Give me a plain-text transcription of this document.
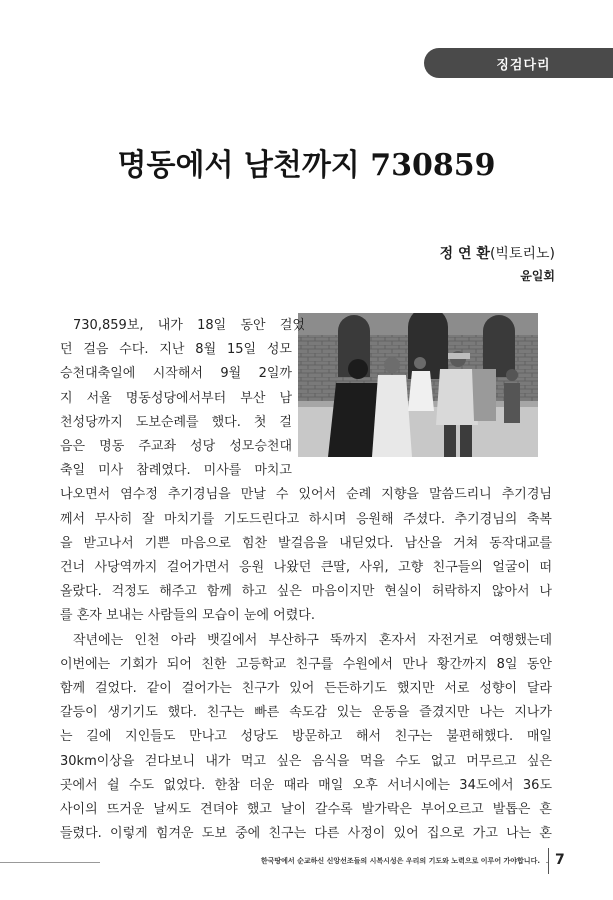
징검다리
명동에서 남천까지 730859
정 연 환(빅토리노)
윤일회
730,859보, 내가 18일 동안 걸었
던 걸음 수다. 지난 8월 15일 성모
승천대축일에 시작해서 9월 2일까
지 서울 명동성당에서부터 부산 남
천성당까지 도보순례를 했다. 첫 걸
음은 명동 주교좌 성당 성모승천대
축일 미사 참례였다. 미사를 마치고
나오면서 염수정 추기경님을 만날 수 있어서 순례 지향을 말씀드리니 추기경님
께서 무사히 잘 마치기를 기도드린다고 하시며 응원해 주셨다. 추기경님의 축복
을 받고나서 기쁜 마음으로 힘찬 발걸음을 내딛었다. 남산을 거쳐 동작대교를
건너 사당역까지 걸어가면서 응원 나왔던 큰딸, 사위, 고향 친구들의 얼굴이 떠
올랐다. 걱정도 해주고 함께 하고 싶은 마음이지만 현실이 허락하지 않아서 나
를 혼자 보내는 사람들의 모습이 눈에 어렸다.
작년에는 인천 아라 뱃길에서 부산하구 뚝까지 혼자서 자전거로 여행했는데
이번에는 기회가 되어 친한 고등학교 친구를 수원에서 만나 황간까지 8일 동안
함께 걸었다. 같이 걸어가는 친구가 있어 든든하기도 했지만 서로 성향이 달라
갈등이 생기기도 했다. 친구는 빠른 속도감 있는 운동을 즐겼지만 나는 지나가
는 길에 지인들도 만나고 성당도 방문하고 해서 친구는 불편해했다. 매일
30km이상을 걷다보니 내가 먹고 싶은 음식을 먹을 수도 없고 머무르고 싶은
곳에서 쉴 수도 없었다. 한참 더운 때라 매일 오후 서너시에는 34도에서 36도
사이의 뜨거운 날씨도 견뎌야 했고 날이 갈수록 발가락은 부어오르고 발톱은 흔
들렸다. 이렇게 힘겨운 도보 중에 친구는 다른 사정이 있어 집으로 가고 나는 혼
한국땅에서 순교하신 신앙선조들의 시복시성은 우리의 기도와 노력으로 이루어 가야합니다.	7
